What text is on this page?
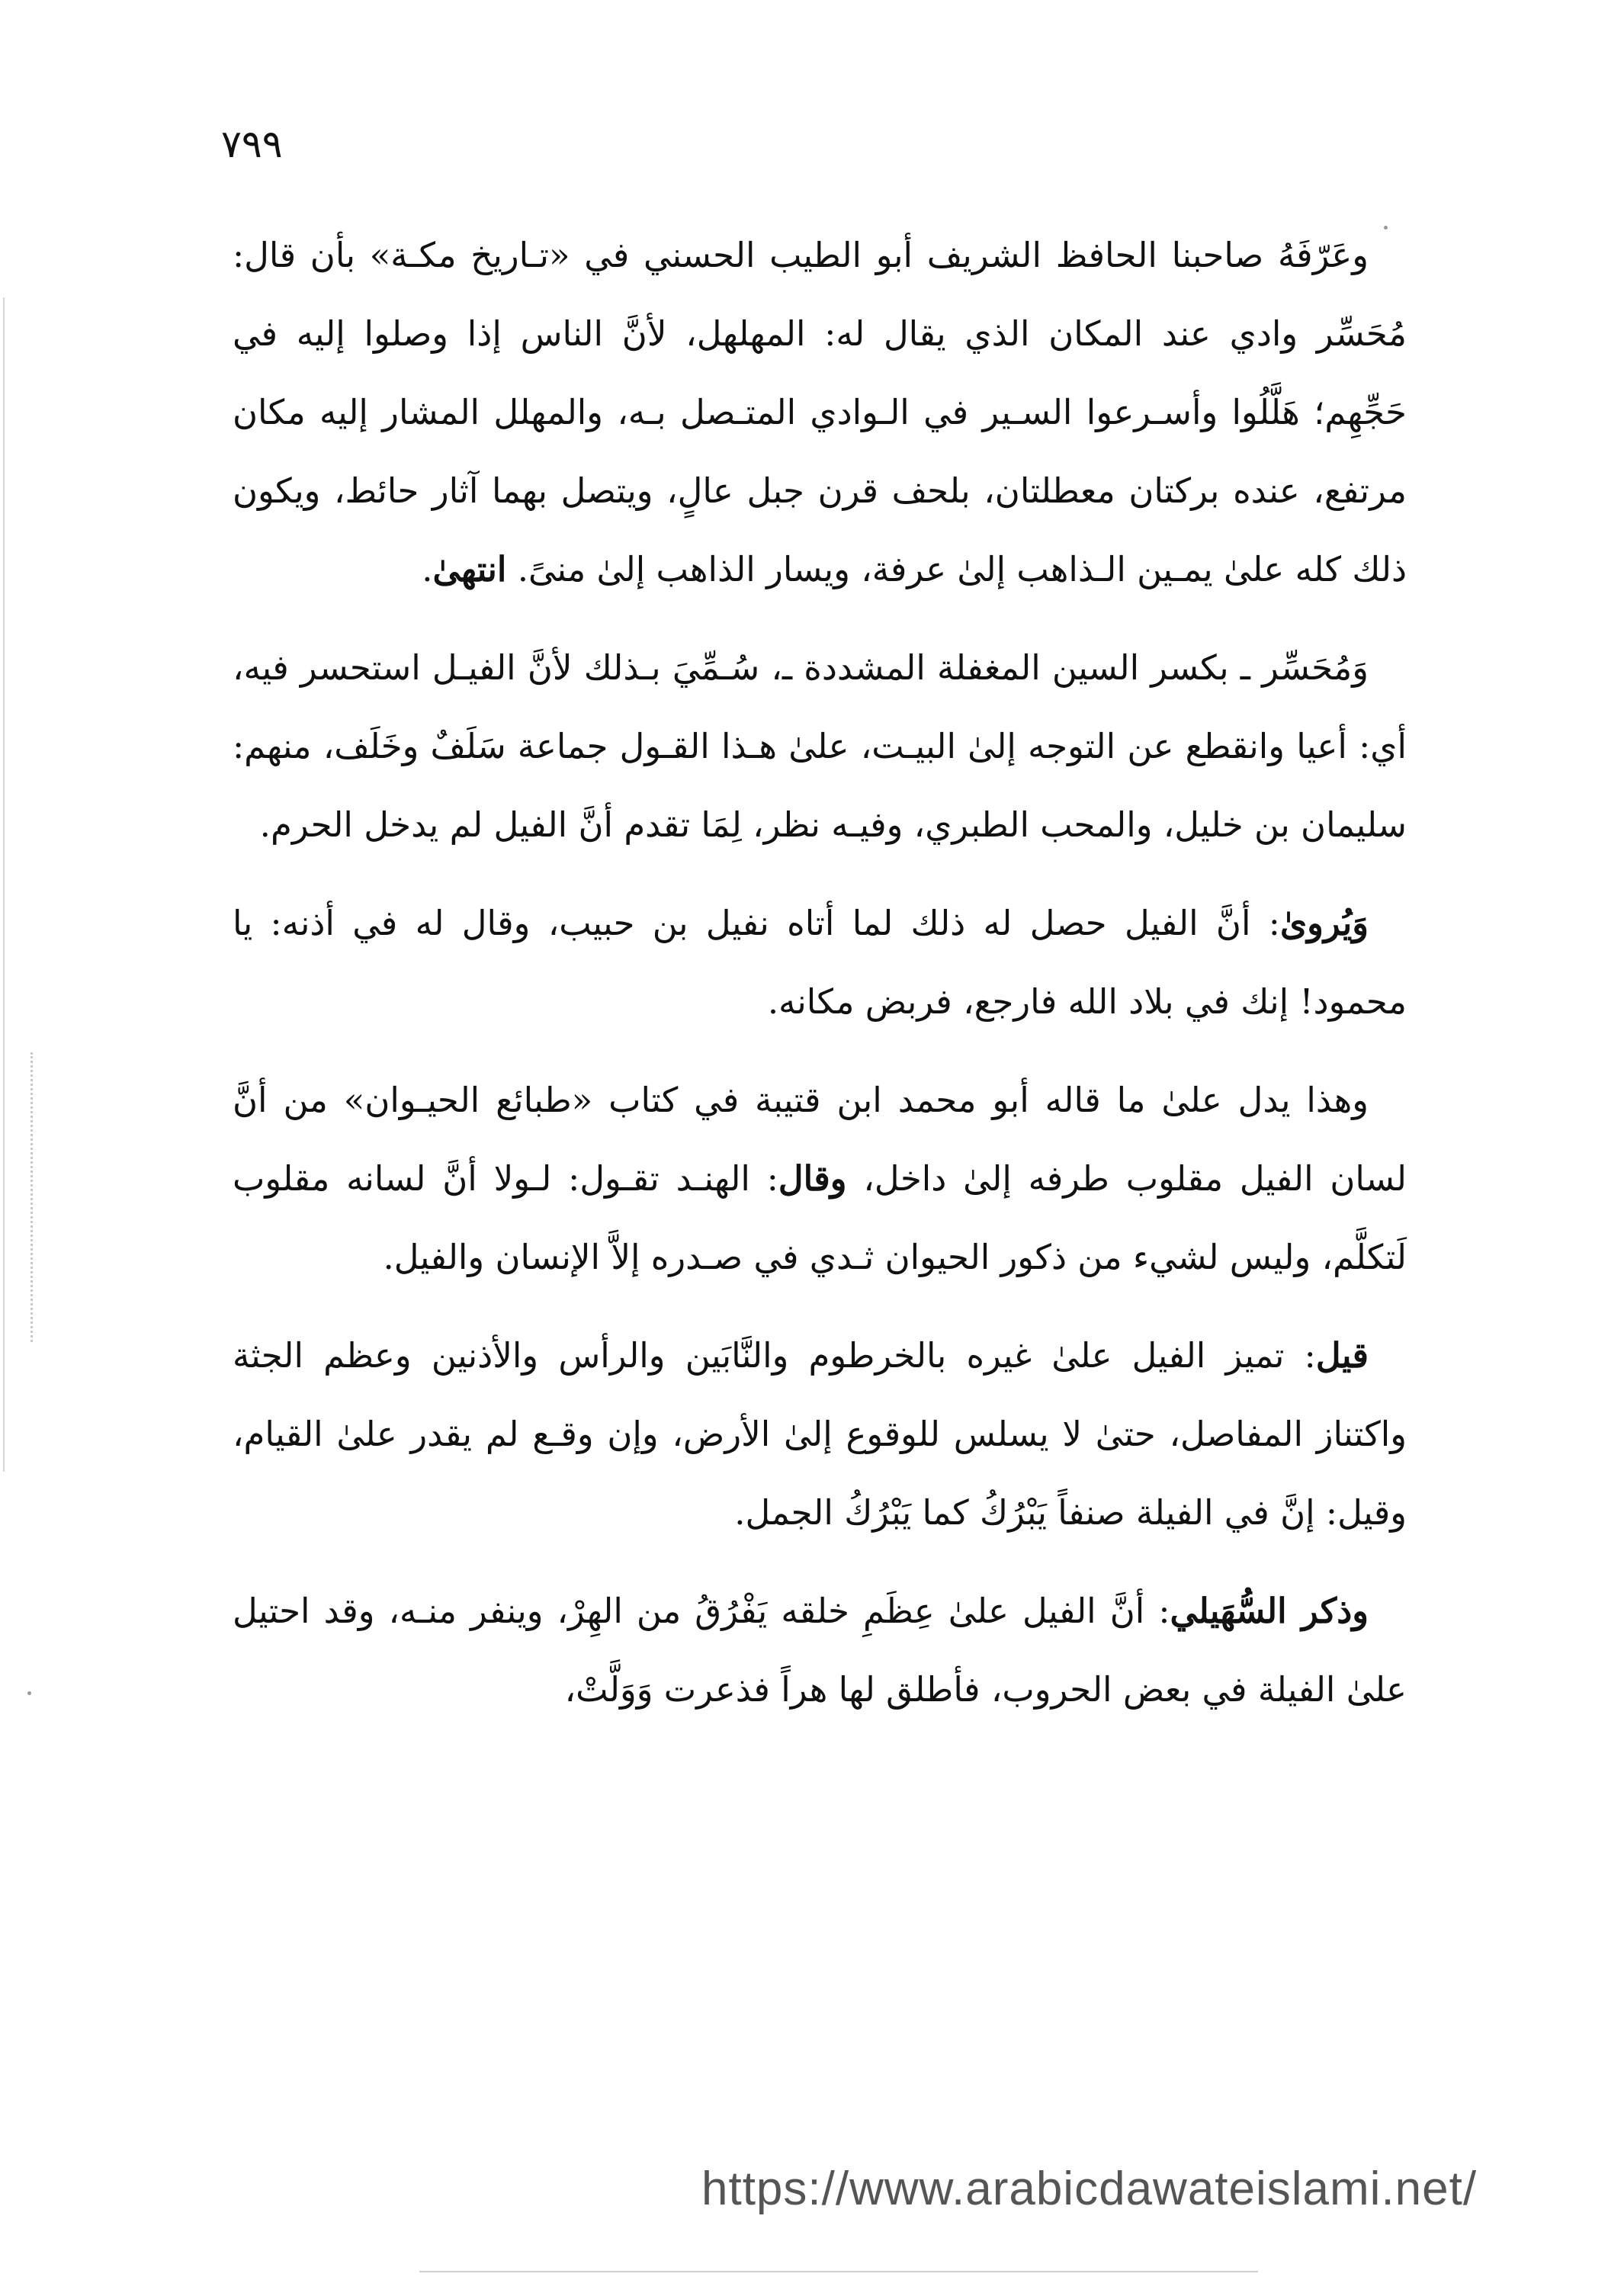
٧٩٩

وعَرّفَهُ صاحبنا الحافظ الشريف أبو الطيب الحسني في «تـاريخ مكـة» بأن قال: مُحَسِّر وادي عند المكان الذي يقال له: المهلهل، لأنَّ الناس إذا وصلوا إليه في حَجِّهِم؛ هَلَّلُوا وأسـرعوا السـير في الـوادي المتـصل بـه، والمهلل المشار إليه مكان مرتفع، عنده بركتان معطلتان، بلحف قرن جبل عالٍ، ويتصل بهما آثار حائط، ويكون ذلك كله علىٰ يمـين الـذاهب إلىٰ عرفة، ويسار الذاهب إلىٰ منىً. انتهىٰ.

وَمُحَسِّر ـ بكسر السين المغفلة المشددة ـ، سُـمِّيَ بـذلك لأنَّ الفيـل استحسر فيه، أي: أعيا وانقطع عن التوجه إلىٰ البيـت، علىٰ هـذا القـول جماعة سَلَفٌ وخَلَف، منهم: سليمان بن خليل، والمحب الطبري، وفيـه نظر، لِمَا تقدم أنَّ الفيل لم يدخل الحرم.

وَيُروىٰ: أنَّ الفيل حصل له ذلك لما أتاه نفيل بن حبيب، وقال له في أذنه: يا محمود! إنك في بلاد الله فارجع، فربض مكانه.

وهذا يدل علىٰ ما قاله أبو محمد ابن قتيبة في كتاب «طبائع الحيـوان» من أنَّ لسان الفيل مقلوب طرفه إلىٰ داخل، وقال: الهنـد تقـول: لـولا أنَّ لسانه مقلوب لَتكلَّم، وليس لشيء من ذكور الحيوان ثـدي في صـدره إلاَّ الإنسان والفيل.

قيل: تميز الفيل علىٰ غيره بالخرطوم والنَّابَين والرأس والأذنين وعظم الجثة واكتناز المفاصل، حتىٰ لا يسلس للوقوع إلىٰ الأرض، وإن وقـع لم يقدر علىٰ القيام، وقيل: إنَّ في الفيلة صنفاً يَبْرُكُ كما يَبْرُكُ الجمل.

وذكر السُّهَيلي: أنَّ الفيل علىٰ عِظَمِ خلقه يَفْرُقُ من الهِرْ، وينفر منـه، وقد احتيل علىٰ الفيلة في بعض الحروب، فأطلق لها هراً فذعرت وَوَلَّتْ،

https://www.arabicdawateislami.net/
